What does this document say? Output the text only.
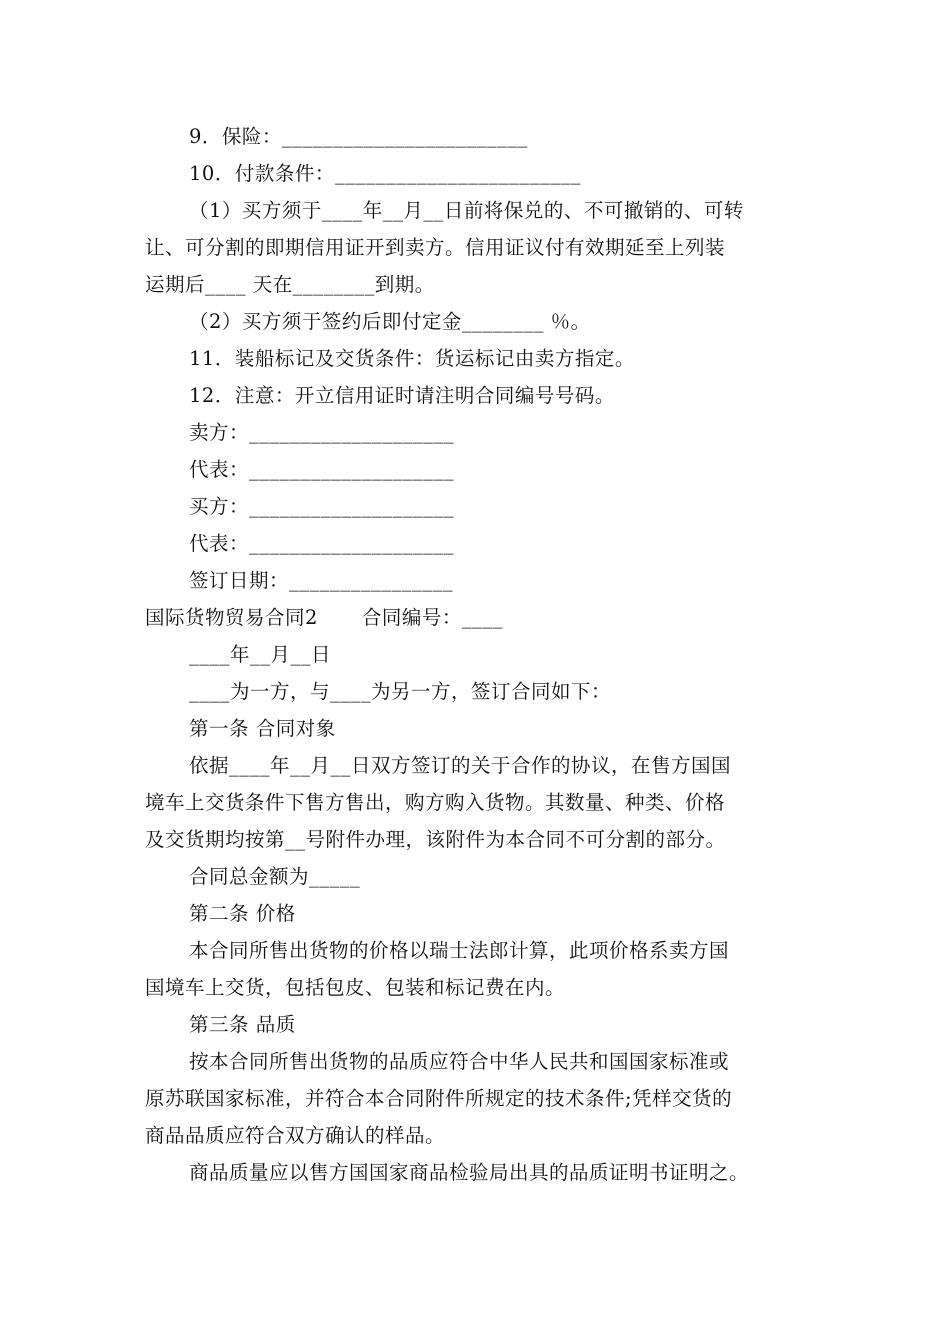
9．保险：________________________
10．付款条件：________________________
（1）买方须于____年__月__日前将保兑的、不可撤销的、可转
让、可分割的即期信用证开到卖方。信用证议付有效期延至上列装
运期后____ 天在________到期。
（2）买方须于签约后即付定金________ ％。
11．装船标记及交货条件：货运标记由卖方指定。
12．注意：开立信用证时请注明合同编号号码。
卖方：____________________
代表：____________________
买方：____________________
代表：____________________
签订日期：________________
国际货物贸易合同2 合同编号：____
____年__月__日
____为一方，与____为另一方，签订合同如下：
第一条 合同对象
依据____年__月__日双方签订的关于合作的协议，在售方国国
境车上交货条件下售方售出，购方购入货物。其数量、种类、价格
及交货期均按第__号附件办理，该附件为本合同不可分割的部分。
合同总金额为_____
第二条 价格
本合同所售出货物的价格以瑞士法郎计算，此项价格系卖方国
国境车上交货，包括包皮、包装和标记费在内。
第三条 品质
按本合同所售出货物的品质应符合中华人民共和国国家标准或
原苏联国家标准，并符合本合同附件所规定的技术条件;凭样交货的
商品品质应符合双方确认的样品。
商品质量应以售方国国家商品检验局出具的品质证明书证明之。
